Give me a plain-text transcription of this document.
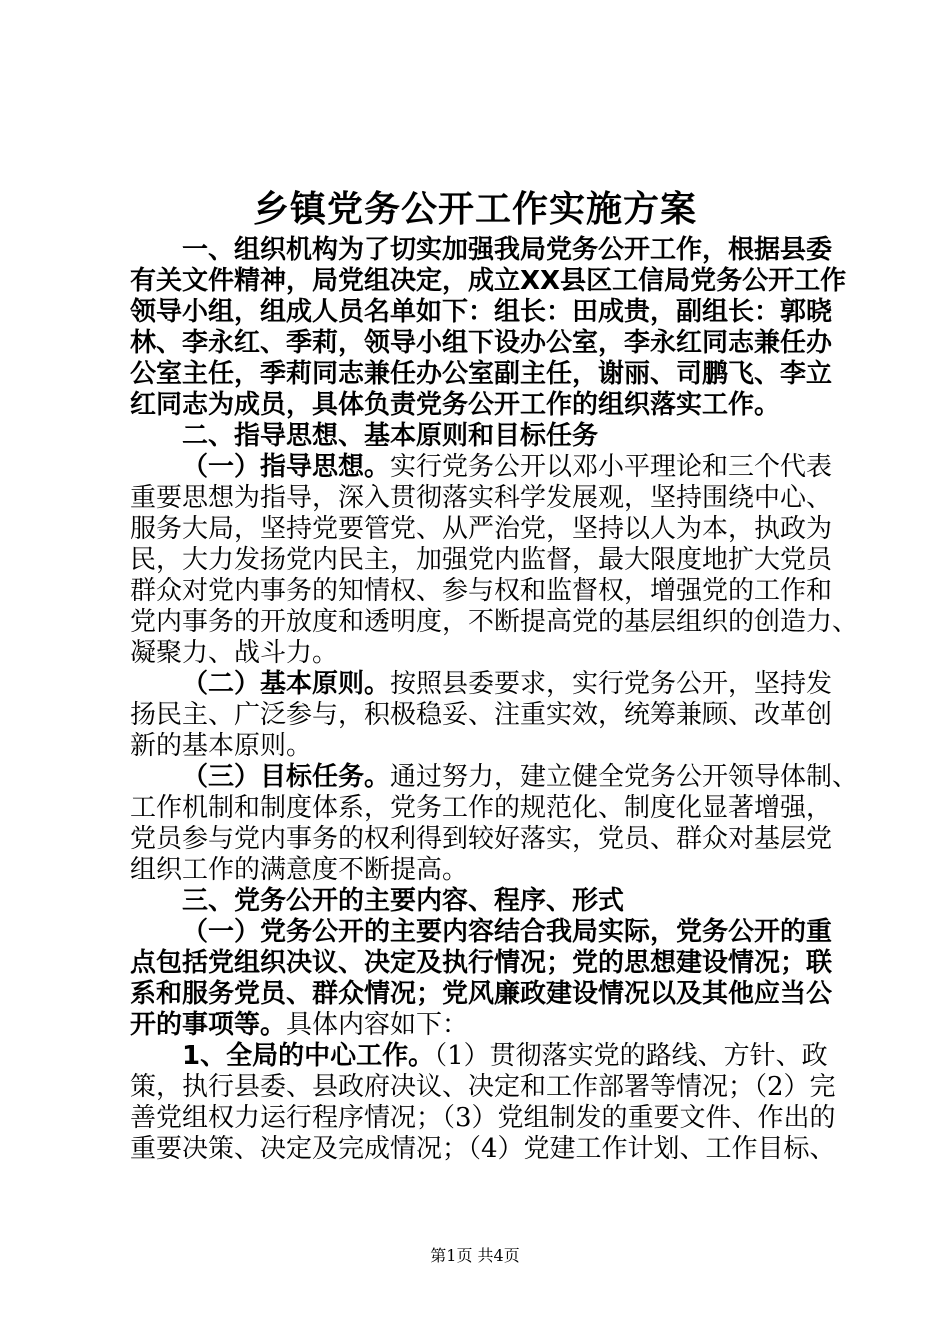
乡镇党务公开工作实施方案
一、组织机构为了切实加强我局党务公开工作，根据县委
有关文件精神，局党组决定，成立XX县区工信局党务公开工作
领导小组，组成人员名单如下：组长：田成贵，副组长：郭晓
林、李永红、季莉，领导小组下设办公室，李永红同志兼任办
公室主任，季莉同志兼任办公室副主任，谢丽、司鹏飞、李立
红同志为成员，具体负责党务公开工作的组织落实工作。
二、指导思想、基本原则和目标任务
（一）指导思想。实行党务公开以邓小平理论和三个代表
重要思想为指导，深入贯彻落实科学发展观，坚持围绕中心、
服务大局，坚持党要管党、从严治党，坚持以人为本，执政为
民，大力发扬党内民主，加强党内监督，最大限度地扩大党员
群众对党内事务的知情权、参与权和监督权，增强党的工作和
党内事务的开放度和透明度，不断提高党的基层组织的创造力、
凝聚力、战斗力。
（二）基本原则。按照县委要求，实行党务公开，坚持发
扬民主、广泛参与，积极稳妥、注重实效，统筹兼顾、改革创
新的基本原则。
（三）目标任务。通过努力，建立健全党务公开领导体制、
工作机制和制度体系，党务工作的规范化、制度化显著增强，
党员参与党内事务的权利得到较好落实，党员、群众对基层党
组织工作的满意度不断提高。
三、党务公开的主要内容、程序、形式
（一）党务公开的主要内容结合我局实际，党务公开的重
点包括党组织决议、决定及执行情况；党的思想建设情况；联
系和服务党员、群众情况；党风廉政建设情况以及其他应当公
开的事项等。具体内容如下：
1、全局的中心工作。（1）贯彻落实党的路线、方针、政
策，执行县委、县政府决议、决定和工作部署等情况；（2）完
善党组权力运行程序情况；（3）党组制发的重要文件、作出的
重要决策、决定及完成情况；（4）党建工作计划、工作目标、
第1页 共4页
